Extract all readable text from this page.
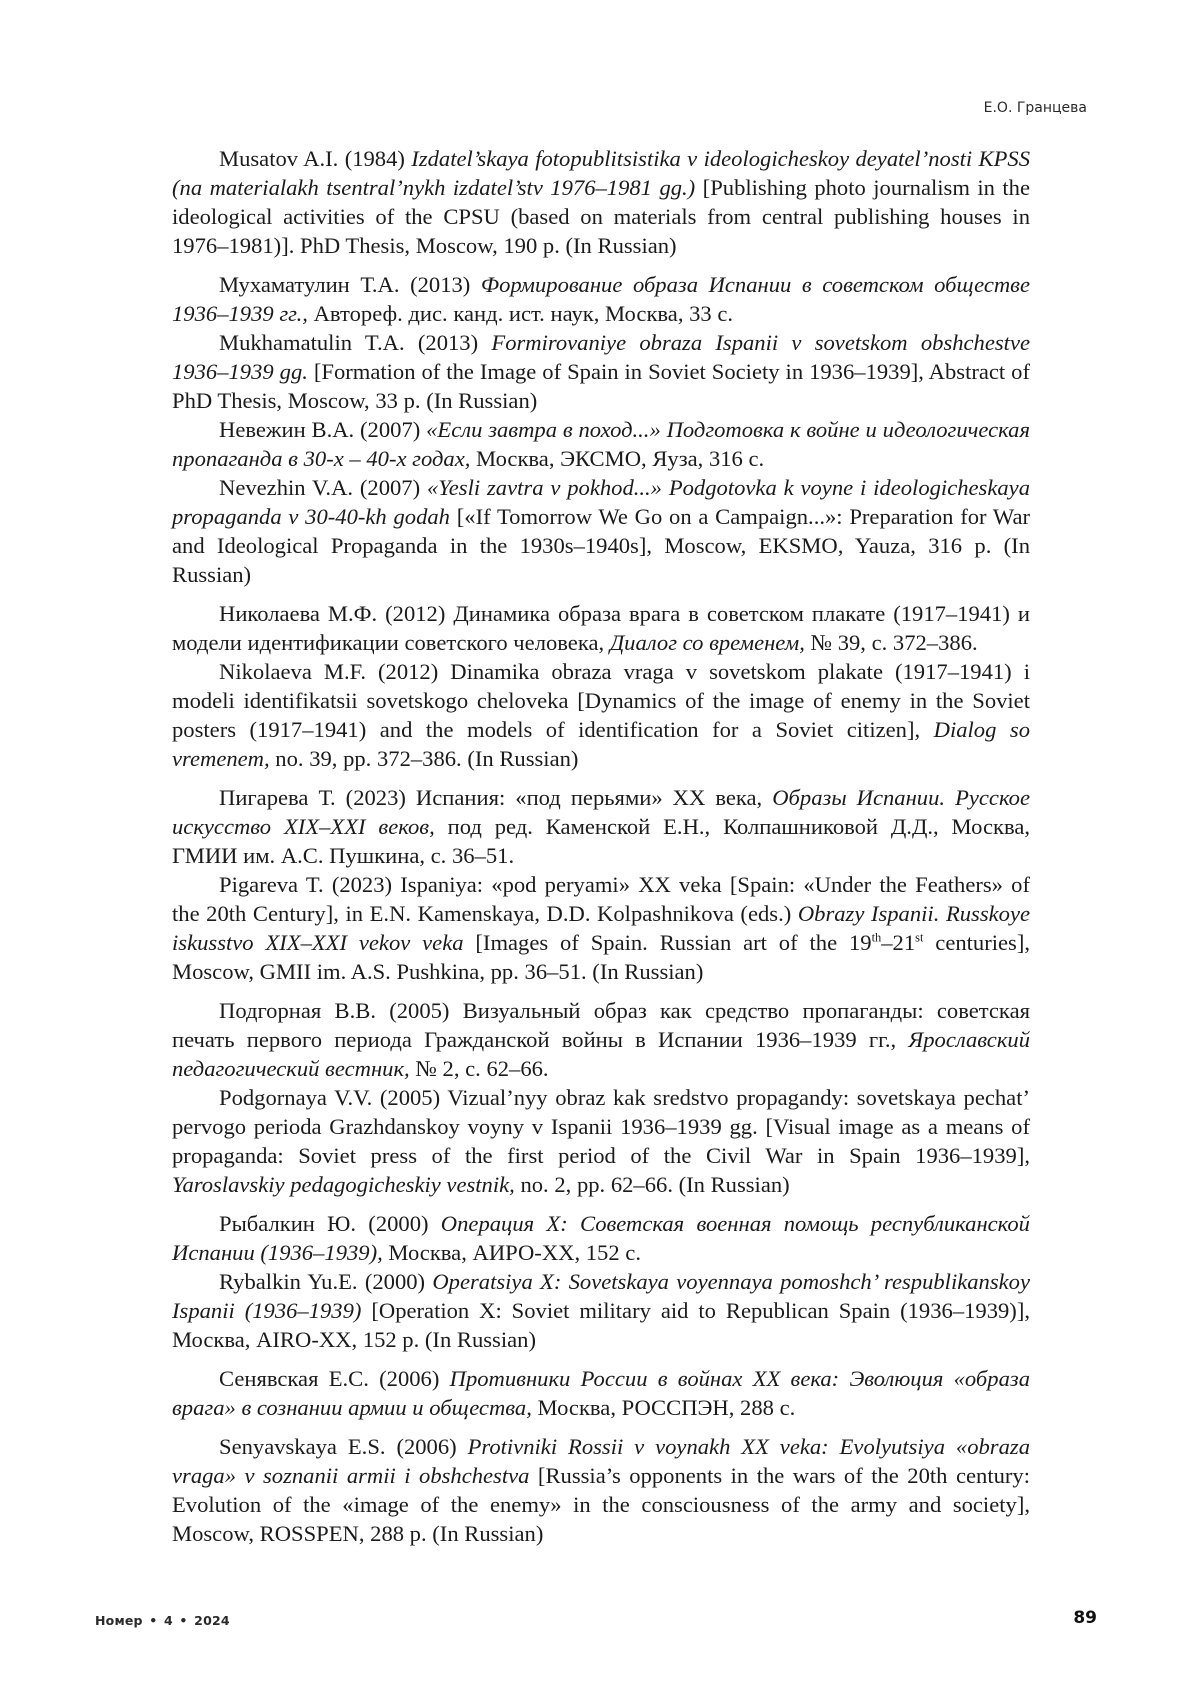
Е.О. Гранцева

Musatov A.I. (1984) Izdatel’skaya fotopublitsistika v ideologicheskoy deyatel’nosti KPSS (na materialakh tsentral’nykh izdatel’stv 1976–1981 gg.) [Publishing photo journalism in the ideological activities of the CPSU (based on materials from central publishing houses in 1976–1981)]. PhD Thesis, Moscow, 190 p. (In Russian)

Мухаматулин Т.А. (2013) Формирование образа Испании в советском обществе 1936–1939 гг., Автореф. дис. канд. ист. наук, Москва, 33 с.

Mukhamatulin T.A. (2013) Formirovaniye obraza Ispanii v sovetskom obshchestve 1936–1939 gg. [Formation of the Image of Spain in Soviet Society in 1936–1939], Abstract of PhD Thesis, Moscow, 33 p. (In Russian)

Невежин В.А. (2007) «Если завтра в поход...» Подготовка к войне и идеологическая пропаганда в 30-х – 40-х годах, Москва, ЭКСМО, Яуза, 316 с.

Nevezhin V.A. (2007) «Yesli zavtra v pokhod...» Podgotovka k voyne i ideologicheskaya propaganda v 30-40-kh godah [«If Tomorrow We Go on a Campaign...»: Preparation for War and Ideological Propaganda in the 1930s–1940s], Moscow, EKSMO, Yauza, 316 p. (In Russian)

Николаева М.Ф. (2012) Динамика образа врага в советском плакате (1917–1941) и модели идентификации советского человека, Диалог со временем, № 39, с. 372–386.

Nikolaeva M.F. (2012) Dinamika obraza vraga v sovetskom plakate (1917–1941) i modeli identifikatsii sovetskogo cheloveka [Dynamics of the image of enemy in the Soviet posters (1917–1941) and the models of identification for a Soviet citizen], Dialog so vremenem, no. 39, pp. 372–386. (In Russian)

Пигарева Т. (2023) Испания: «под перьями» XX века, Образы Испании. Русское искусство XIX–XXI веков, под ред. Каменской Е.Н., Колпашниковой Д.Д., Москва, ГМИИ им. А.С. Пушкина, с. 36–51.

Pigareva T. (2023) Ispaniya: «pod peryami» XX veka [Spain: «Under the Feathers» of the 20th Century], in E.N. Kamenskaya, D.D. Kolpashnikova (eds.) Obrazy Ispanii. Russkoye iskusstvo XIX–XXI vekov veka [Images of Spain. Russian art of the 19th–21st centuries], Moscow, GMII im. A.S. Pushkina, pp. 36–51. (In Russian)

Подгорная В.В. (2005) Визуальный образ как средство пропаганды: советская печать первого периода Гражданской войны в Испании 1936–1939 гг., Ярославский педагогический вестник, № 2, с. 62–66.

Podgornaya V.V. (2005) Vizual’nyy obraz kak sredstvo propagandy: sovetskaya pechat’ pervogo perioda Grazhdanskoy voyny v Ispanii 1936–1939 gg. [Visual image as a means of propaganda: Soviet press of the first period of the Civil War in Spain 1936–1939], Yaroslavskiy pedagogicheskiy vestnik, no. 2, pp. 62–66. (In Russian)

Рыбалкин Ю. (2000) Операция Х: Советская военная помощь республиканской Испании (1936–1939), Москва, АИРО-ХХ, 152 с.

Rybalkin Yu.E. (2000) Operatsiya X: Sovetskaya voyennaya pomoshch’ respublikanskoy Ispanii (1936–1939) [Operation X: Soviet military aid to Republican Spain (1936–1939)], Москва, AIRO-XX, 152 p. (In Russian)

Сенявская Е.С. (2006) Противники России в войнах ХХ века: Эволюция «образа врага» в сознании армии и общества, Москва, РОССПЭН, 288 с.

Senyavskaya E.S. (2006) Protivniki Rossii v voynakh XX veka: Evolyutsiya «obraza vraga» v soznanii armii i obshchestva [Russia’s opponents in the wars of the 20th century: Evolution of the «image of the enemy» in the consciousness of the army and society], Moscow, ROSSPEN, 288 p. (In Russian)

Номер • 4 • 2024	89
